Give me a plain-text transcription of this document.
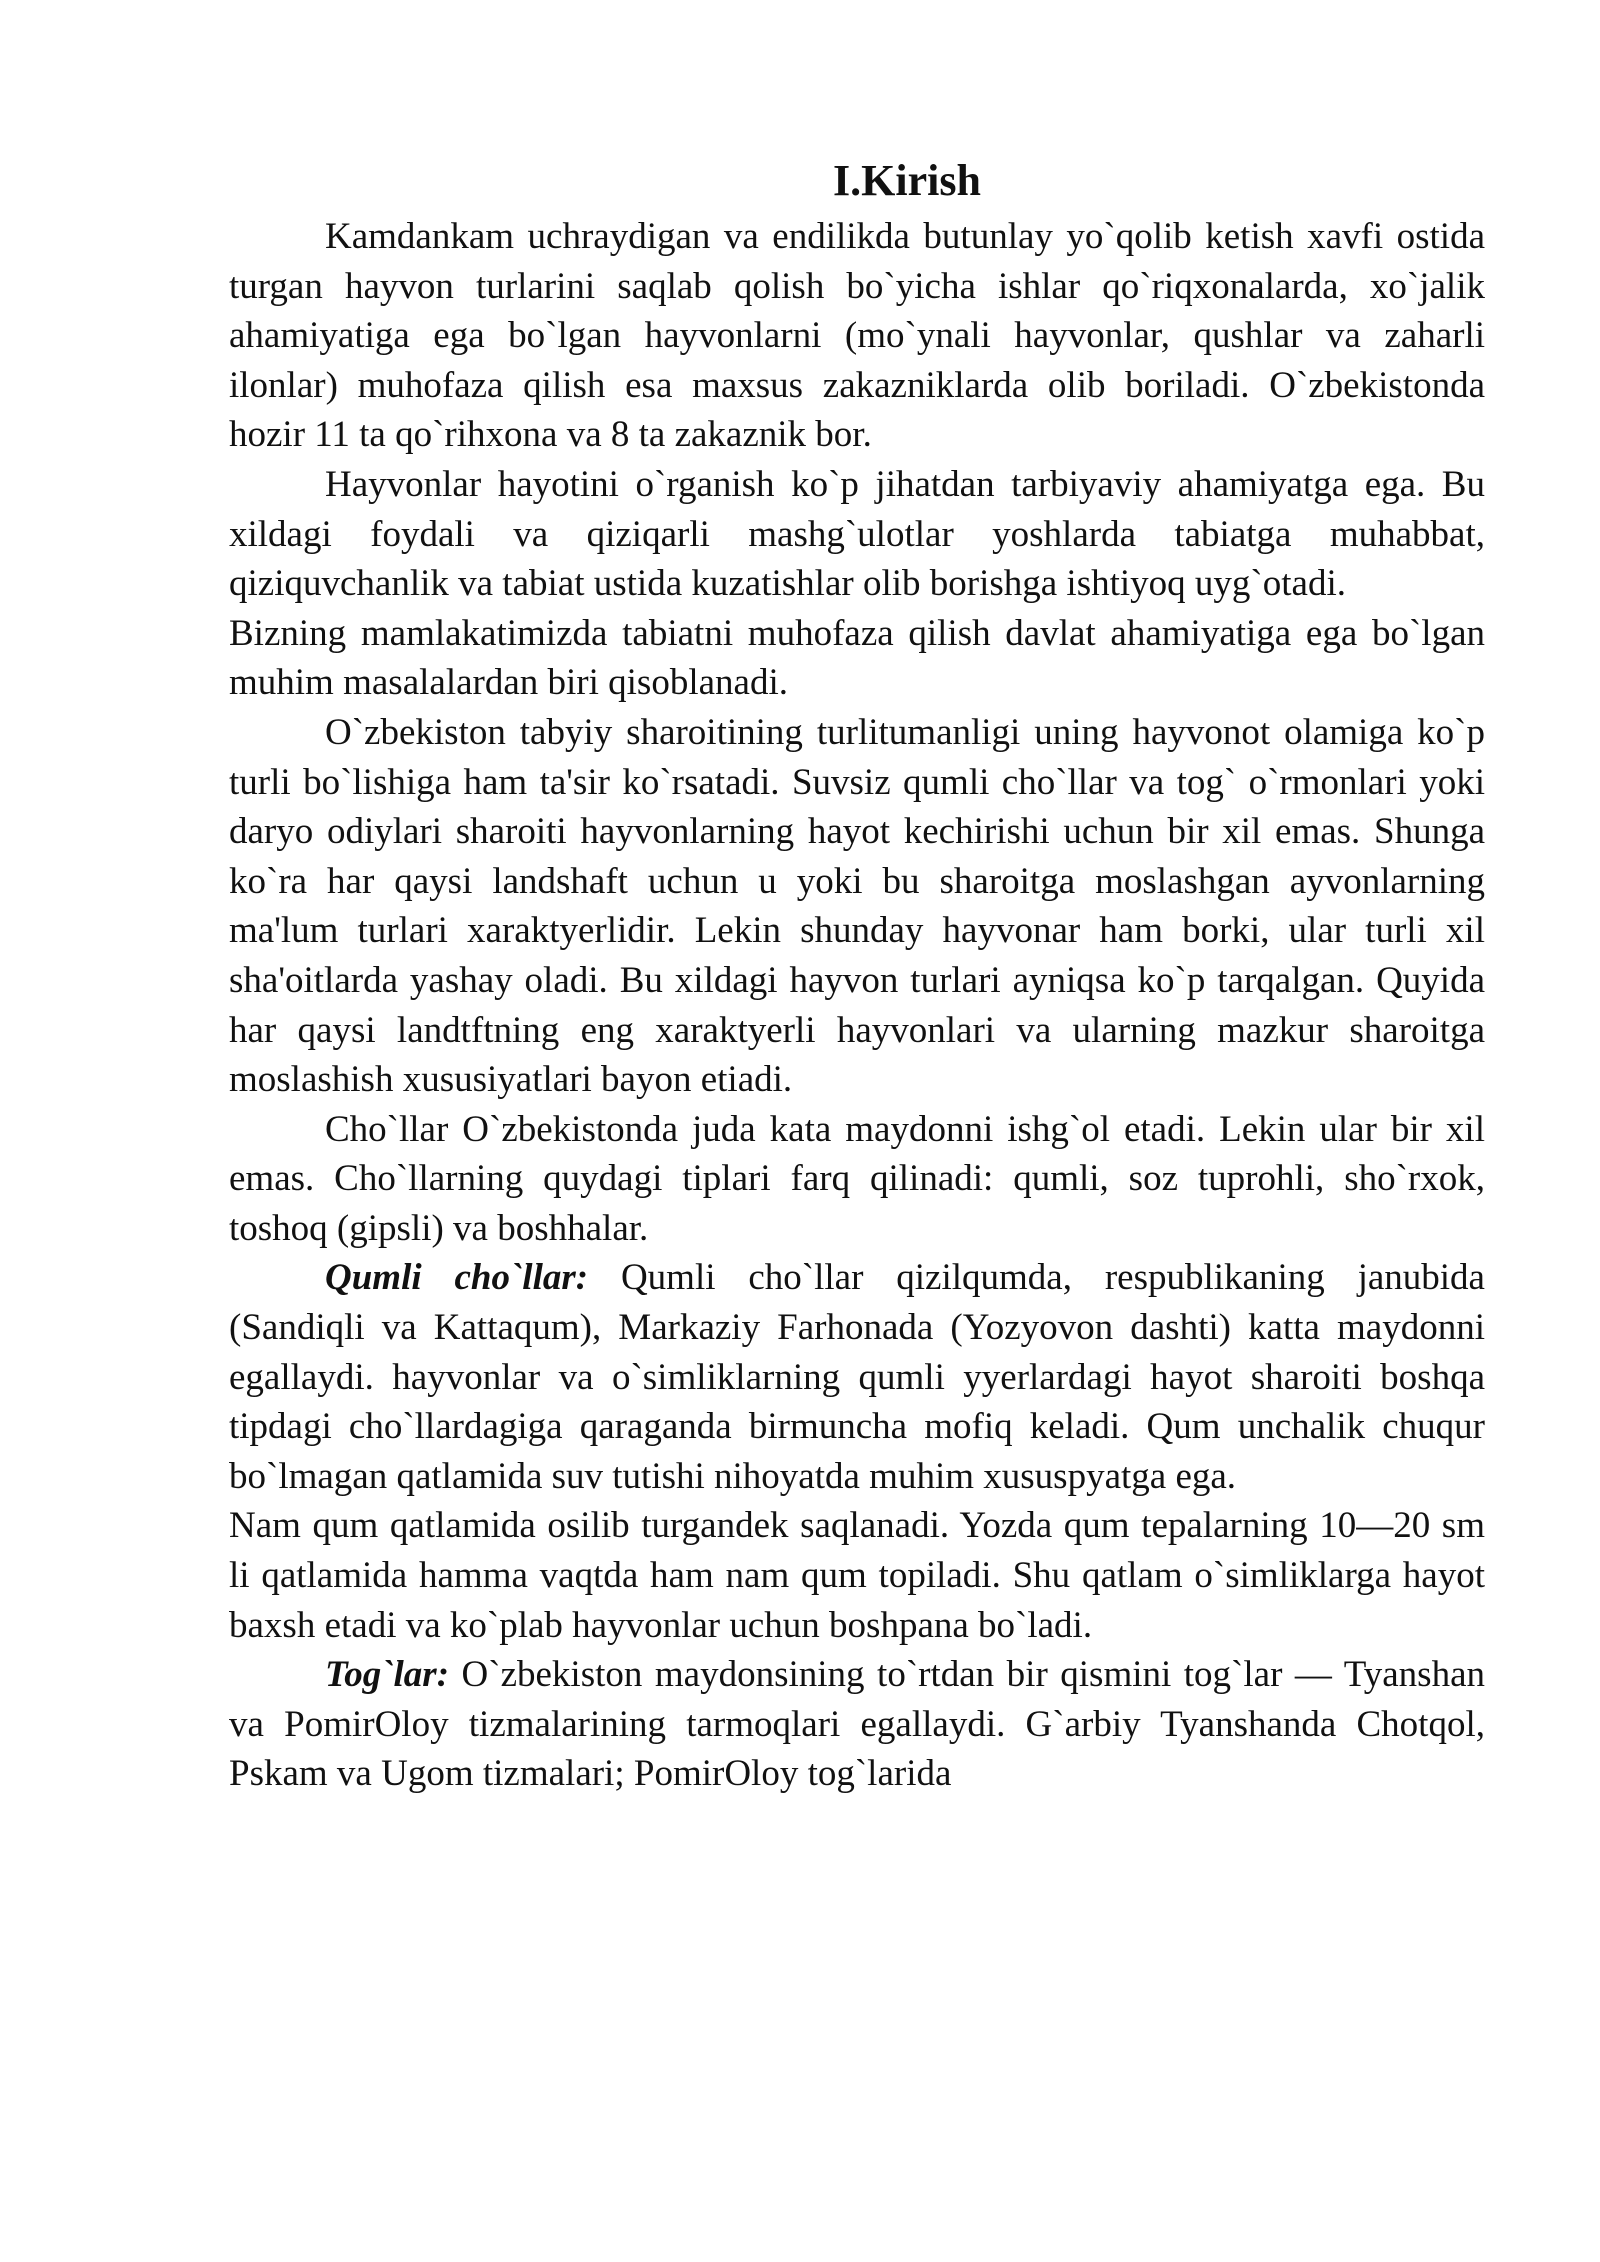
I.Kirish

Kamdankam uchraydigan va endilikda butunlay yo`qolib ketish xavfi ostida turgan hayvon turlarini saqlab qolish bo`yicha ishlar qo`riqxonalarda, xo`jalik ahamiyatiga ega bo`lgan hayvonlarni (mo`ynali hayvonlar, qushlar va zaharli ilonlar) muhofaza qilish esa maxsus zakazniklarda olib boriladi. O`zbekistonda hozir 11 ta qo`rihxona va 8 ta zakaznik bor.

Hayvonlar hayotini o`rganish ko`p jihatdan tarbiyaviy ahamiyatga ega. Bu xildagi foydali va qiziqarli mashg`ulotlar yoshlarda tabiatga muhabbat, qiziquvchanlik va tabiat ustida kuzatishlar olib borishga ishtiyoq uyg`otadi.

Bizning mamlakatimizda tabiatni muhofaza qilish davlat ahamiyatiga ega bo`lgan muhim masalalardan biri qisoblanadi.

O`zbekiston tabyiy sharoitining turlitumanligi uning hayvonot olamiga ko`p turli bo`lishiga ham ta'sir ko`rsatadi. Suvsiz qumli cho`llar va tog` o`rmonlari yoki daryo odiylari sharoiti hayvonlarning hayot kechirishi uchun bir xil emas. Shunga ko`ra har qaysi landshaft uchun u yoki bu sharoitga moslashgan ayvonlarning ma'lum turlari xaraktyerlidir. Lekin shunday hayvonar ham borki, ular turli xil sha'oitlarda yashay oladi. Bu xildagi hayvon turlari ayniqsa ko`p tarqalgan. Quyida har qaysi landtftning eng xaraktyerli hayvonlari va ularning mazkur sharoitga moslashish xususiyatlari bayon etiadi.

Cho`llar O`zbekistonda juda kata maydonni ishg`ol etadi. Lekin ular bir xil emas. Cho`llarning quydagi tiplari farq qilinadi: qumli, soz tuprohli, sho`rxok, toshoq (gipsli) va boshhalar.

Qumli cho`llar: Qumli cho`llar qizilqumda, respublikaning janubida (Sandiqli va Kattaqum), Markaziy Farhonada (Yozyovon dashti) katta maydonni egallaydi. hayvonlar va o`simliklarning qumli yyerlardagi hayot sharoiti boshqa tipdagi cho`llardagiga qaraganda birmuncha mofiq keladi. Qum unchalik chuqur bo`lmagan qatlamida suv tutishi nihoyatda muhim xususpyatga ega.

Nam qum qatlamida osilib turgandek saqlanadi. Yozda qum tepalarning 10—20 sm li qatlamida hamma vaqtda ham nam qum topiladi. Shu qatlam o`simliklarga hayot baxsh etadi va ko`plab hayvonlar uchun boshpana bo`ladi.

Tog`lar: O`zbekiston maydonsining to`rtdan bir qismini tog`lar — Tyanshan va PomirOloy tizmalarining tarmoqlari egallaydi. G`arbiy Tyanshanda Chotqol, Pskam va Ugom tizmalari; PomirOloy tog`larida
